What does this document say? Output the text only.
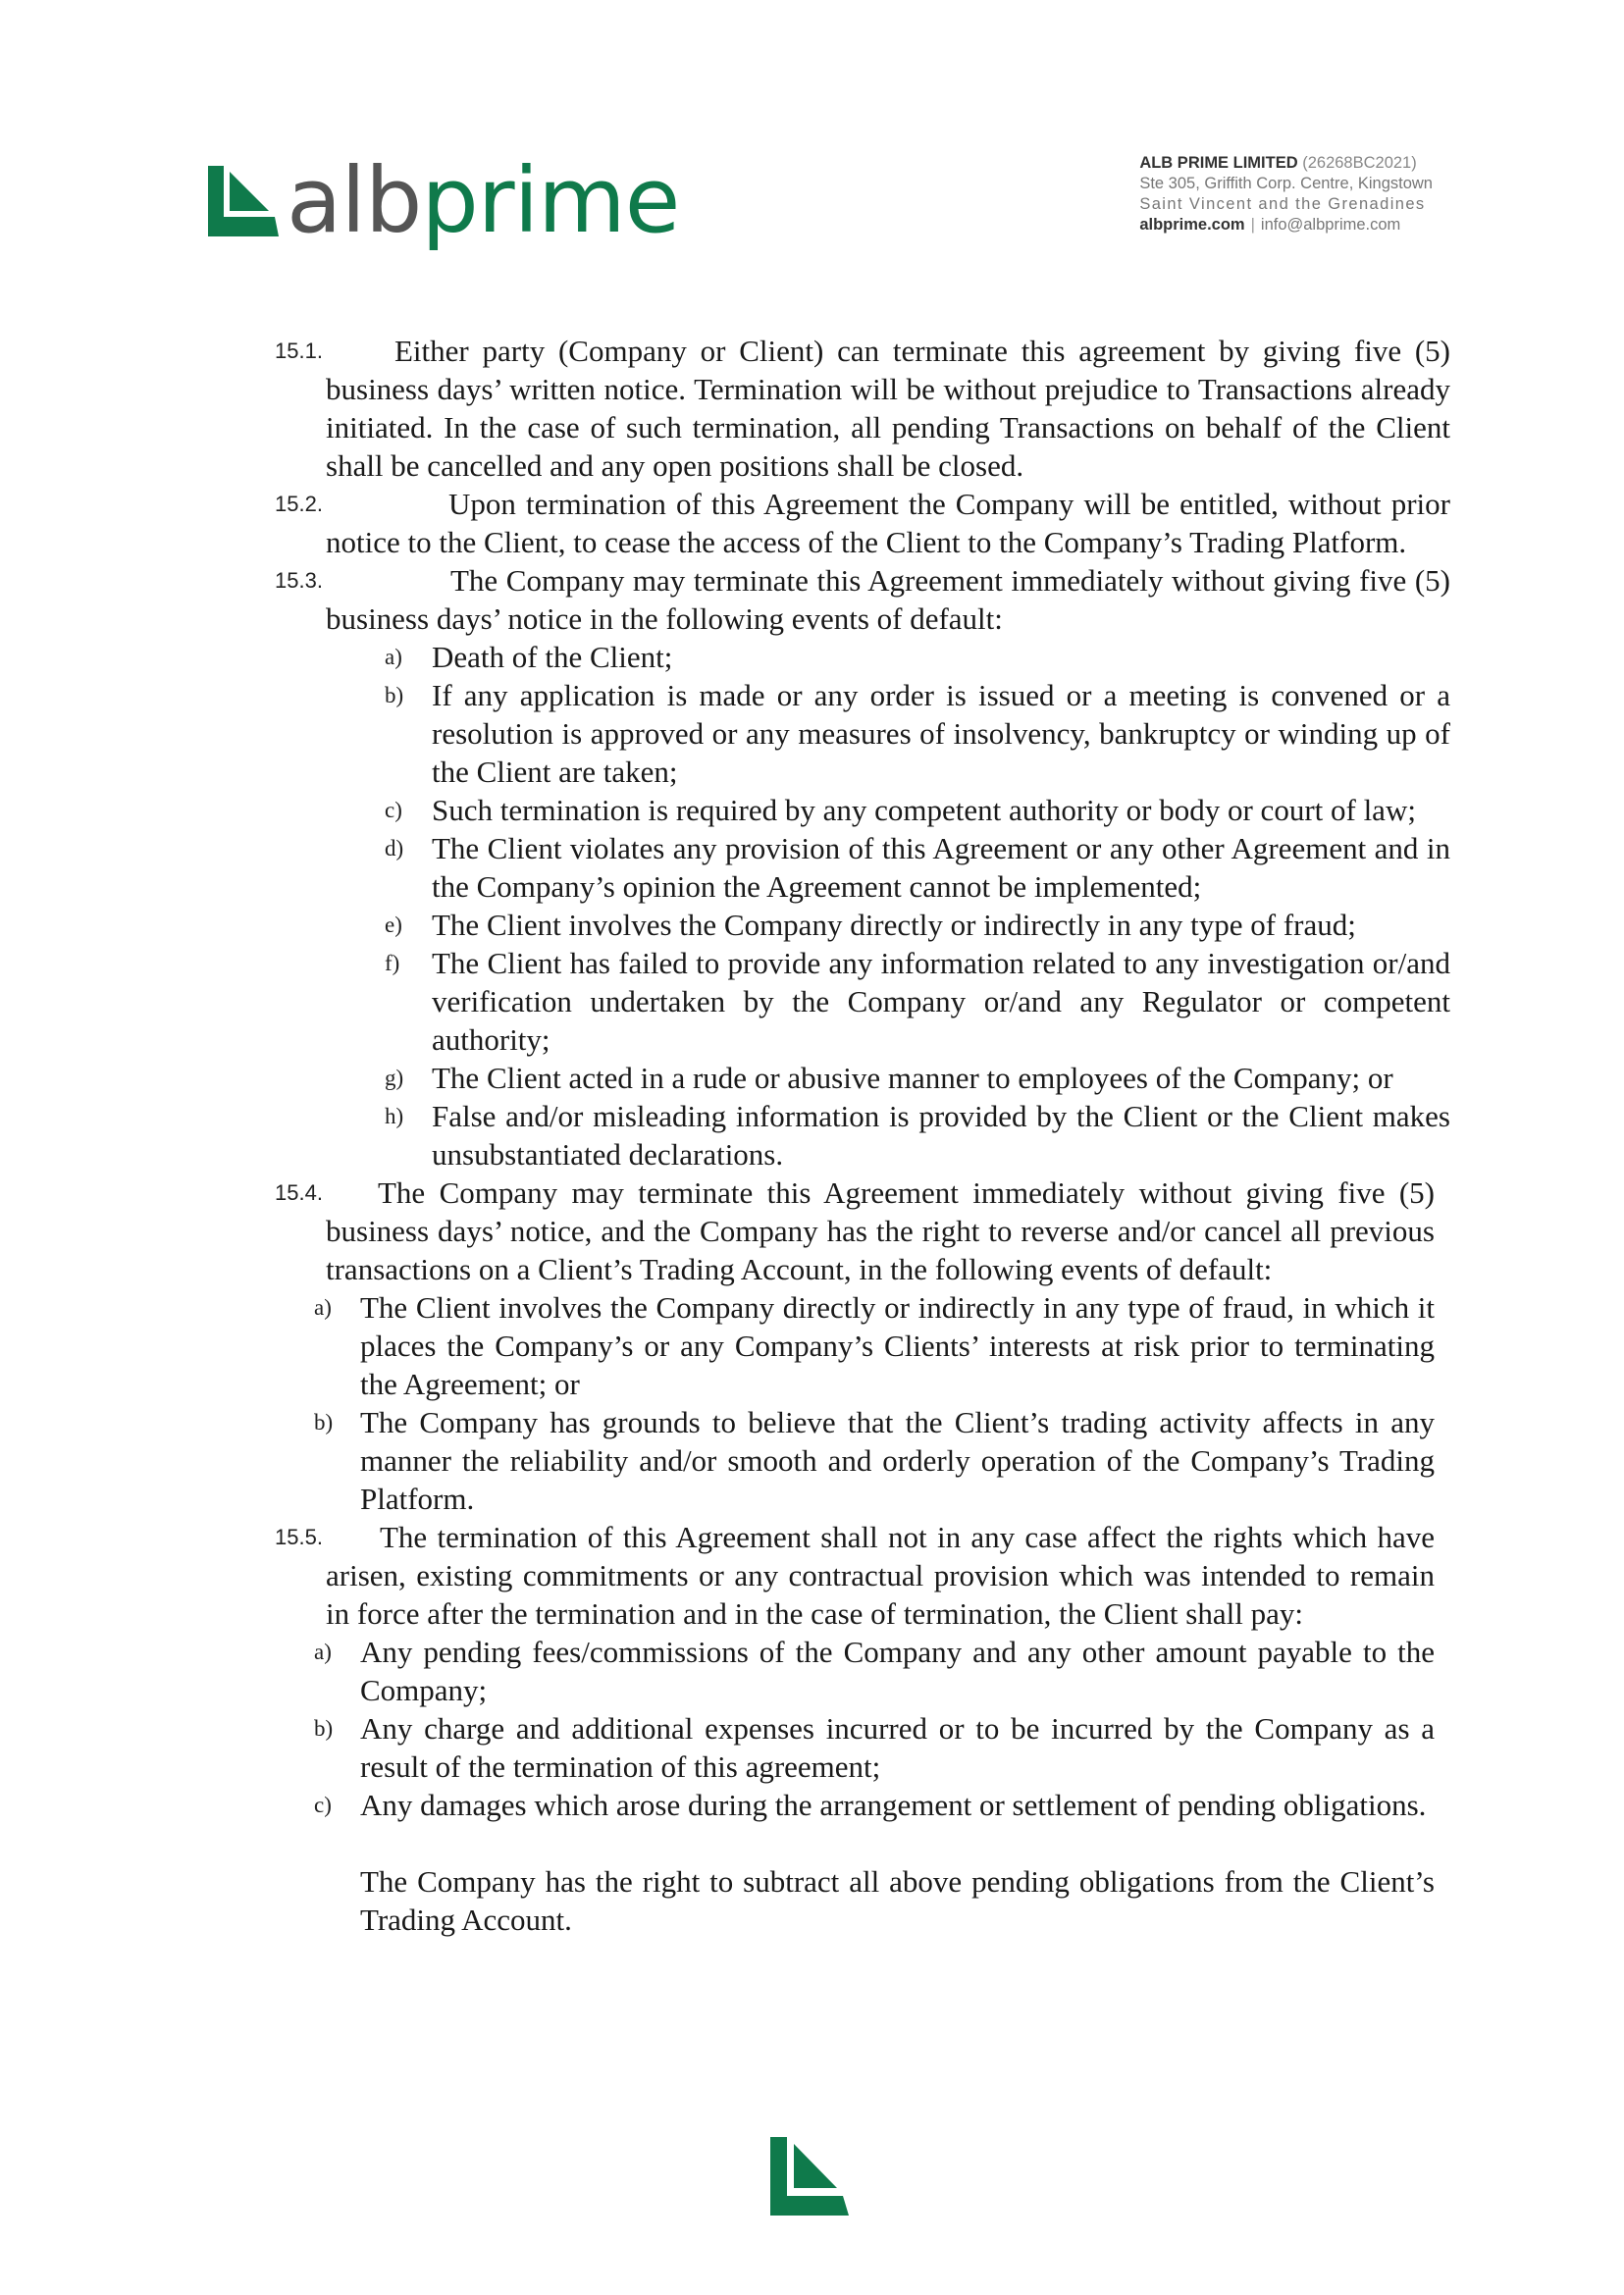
albprime	ALB PRIME LIMITED (26268BC2021)
Ste 305, Griffith Corp. Centre, Kingstown
Saint Vincent and the Grenadines
albprime.com | info@albprime.com
15.1.	Either party (Company or Client) can terminate this agreement by giving five (5) business days’ written notice. Termination will be without prejudice to Transactions already initiated. In the case of such termination, all pending Transactions on behalf of the Client shall be cancelled and any open positions shall be closed.

15.2.	Upon termination of this Agreement the Company will be entitled, without prior notice to the Client, to cease the access of the Client to the Company’s Trading Platform.

15.3.	The Company may terminate this Agreement immediately without giving five (5) business days’ notice in the following events of default:

a) Death of the Client;
b) If any application is made or any order is issued or a meeting is convened or a resolution is approved or any measures of insolvency, bankruptcy or winding up of the Client are taken;
c) Such termination is required by any competent authority or body or court of law;
d) The Client violates any provision of this Agreement or any other Agreement and in the Company’s opinion the Agreement cannot be implemented;
e) The Client involves the Company directly or indirectly in any type of fraud;
f) The Client has failed to provide any information related to any investigation or/and verification undertaken by the Company or/and any Regulator or competent authority;
g) The Client acted in a rude or abusive manner to employees of the Company; or
h) False and/or misleading information is provided by the Client or the Client makes unsubstantiated declarations.
15.4.	The Company may terminate this Agreement immediately without giving five (5) business days’ notice, and the Company has the right to reverse and/or cancel all previous transactions on a Client’s Trading Account, in the following events of default:

a) The Client involves the Company directly or indirectly in any type of fraud, in which it places the Company’s or any Company’s Clients’ interests at risk prior to terminating the Agreement; or
b) The Company has grounds to believe that the Client’s trading activity affects in any manner the reliability and/or smooth and orderly operation of the Company’s Trading Platform.
15.5.	The termination of this Agreement shall not in any case affect the rights which have arisen, existing commitments or any contractual provision which was intended to remain in force after the termination and in the case of termination, the Client shall pay:

a) Any pending fees/commissions of the Company and any other amount payable to the Company;
b) Any charge and additional expenses incurred or to be incurred by the Company as a result of the termination of this agreement;
c) Any damages which arose during the arrangement or settlement of pending obligations.

The Company has the right to subtract all above pending obligations from the Client’s Trading Account.
